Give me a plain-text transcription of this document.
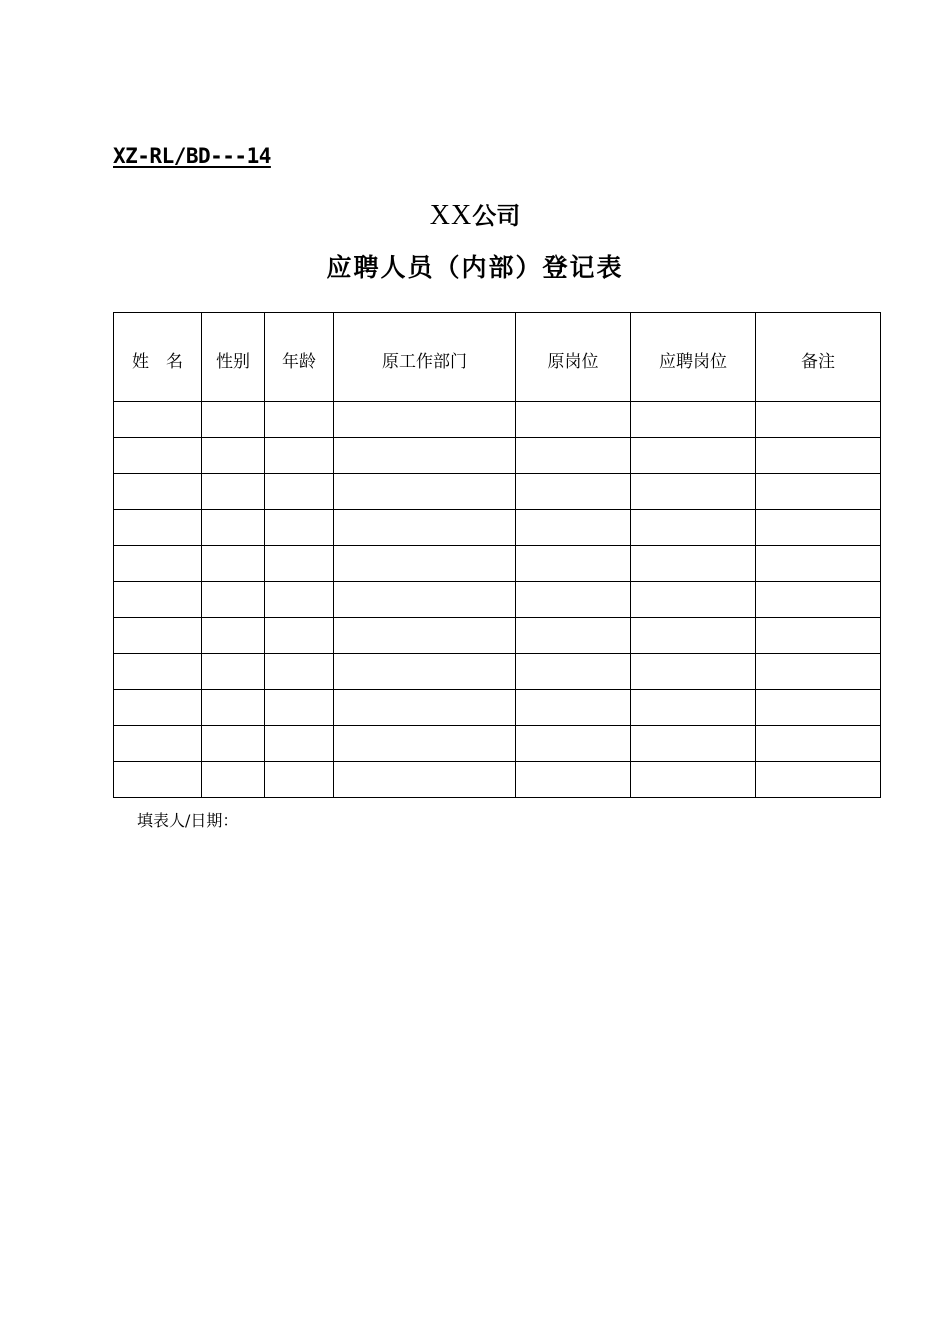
XZ-RL/BD---14
XX公司
应聘人员（内部）登记表
姓　名	性别	年龄	原工作部门	原岗位	应聘岗位	备注

填表人/日期：
